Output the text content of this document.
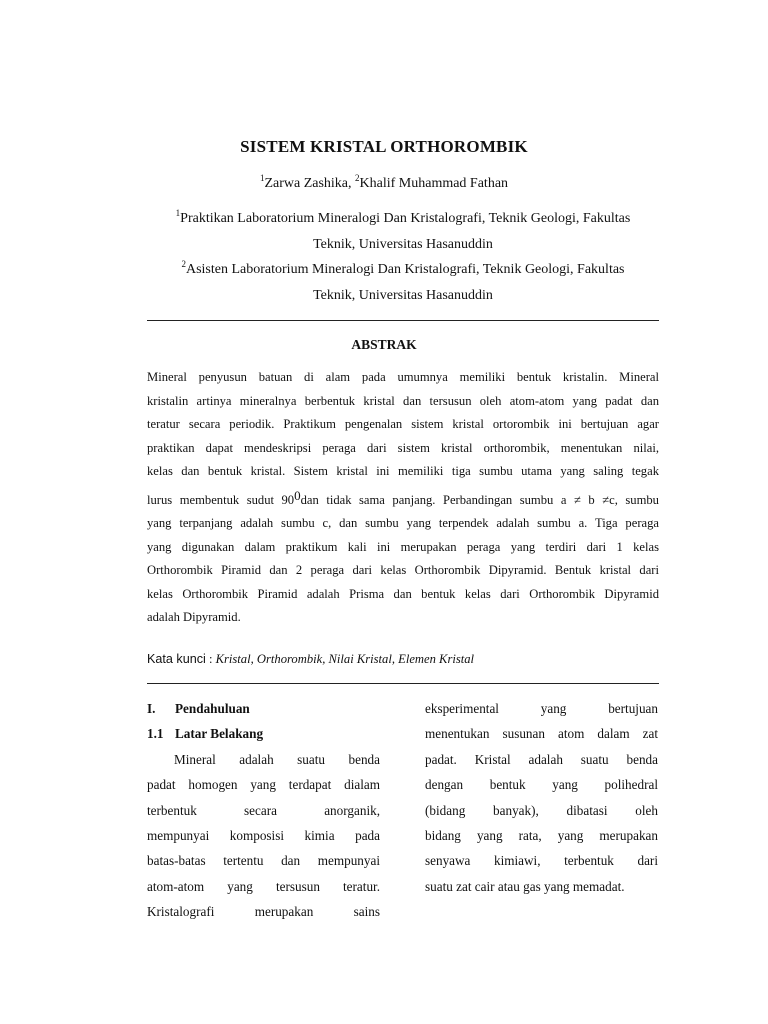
SISTEM KRISTAL ORTHOROMBIK
$^1$Zarwa Zashika, $^2$Khalif Muhammad Fathan
$^1$Praktikan Laboratorium Mineralogi Dan Kristalografi, Teknik Geologi, Fakultas
Teknik, Universitas Hasanuddin
$^2$Asisten Laboratorium Mineralogi Dan Kristalografi, Teknik Geologi, Fakultas
Teknik, Universitas Hasanuddin
ABSTRAK
Mineral penyusun batuan di alam pada umumnya memiliki bentuk kristalin. Mineral
kristalin artinya mineralnya berbentuk kristal dan tersusun oleh atom-atom yang padat dan
teratur secara periodik. Praktikum pengenalan sistem kristal ortorombik ini bertujuan agar
praktikan dapat mendeskripsi peraga dari sistem kristal orthorombik, menentukan nilai,
kelas dan bentuk kristal. Sistem kristal ini memiliki tiga sumbu utama yang saling tegak
lurus membentuk sudut 900dan tidak sama panjang. Perbandingan sumbu a ≠ b ≠c, sumbu
yang terpanjang adalah sumbu c, dan sumbu yang terpendek adalah sumbu a. Tiga peraga
yang digunakan dalam praktikum kali ini merupakan peraga yang terdiri dari 1 kelas
Orthorombik Piramid dan 2 peraga dari kelas Orthorombik Dipyramid. Bentuk kristal dari
kelas Orthorombik Piramid adalah Prisma dan bentuk kelas dari Orthorombik Dipyramid
adalah Dipyramid.
Kata kunci : Kristal, Orthorombik, Nilai Kristal, Elemen Kristal
I. Pendahuluan
1.1 Latar Belakang
Mineral adalah suatu benda
padat homogen yang terdapat dialam
terbentuk secara anorganik,
mempunyai komposisi kimia pada
batas-batas tertentu dan mempunyai
atom-atom yang tersusun teratur.
Kristalografi merupakan sains
eksperimental yang bertujuan
menentukan susunan atom dalam zat
padat. Kristal adalah suatu benda
dengan bentuk yang polihedral
(bidang banyak), dibatasi oleh
bidang yang rata, yang merupakan
senyawa kimiawi, terbentuk dari
suatu zat cair atau gas yang memadat.
